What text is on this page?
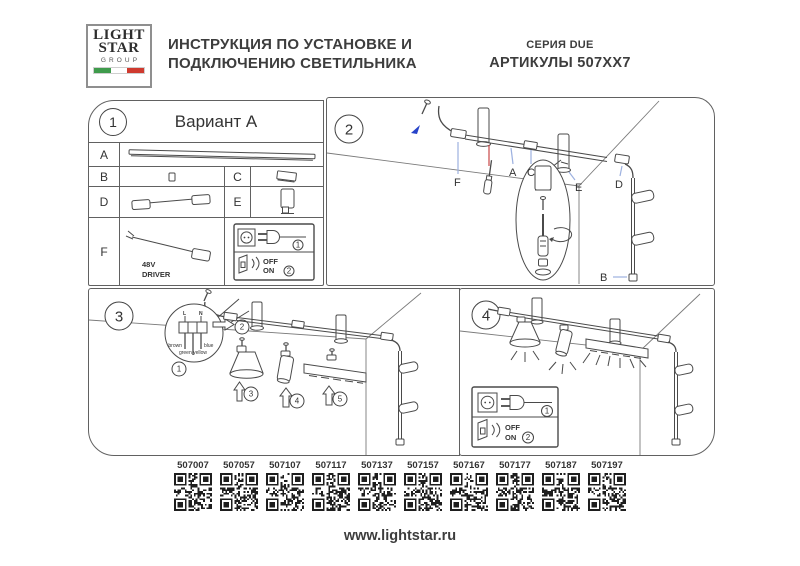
LIGHT
STAR
GROUP
ИНСТРУКЦИЯ ПО УСТАНОВКЕ И
ПОДКЛЮЧЕНИЮ СВЕТИЛЬНИКА
СЕРИЯ DUE
АРТИКУЛЫ 507XX7
1	Вариант А
A
B	C
D	E
F
48V
DRIVER
1
OFF
ON 2
2
F
A C
E	D
B
3	L	N
brown	blue
green yellow
1
2
3
4	5
4
1
OFF
ON 2
507007	507057	507107	507117	507137	507157	507167	507177	507187	507197
www.lightstar.ru
